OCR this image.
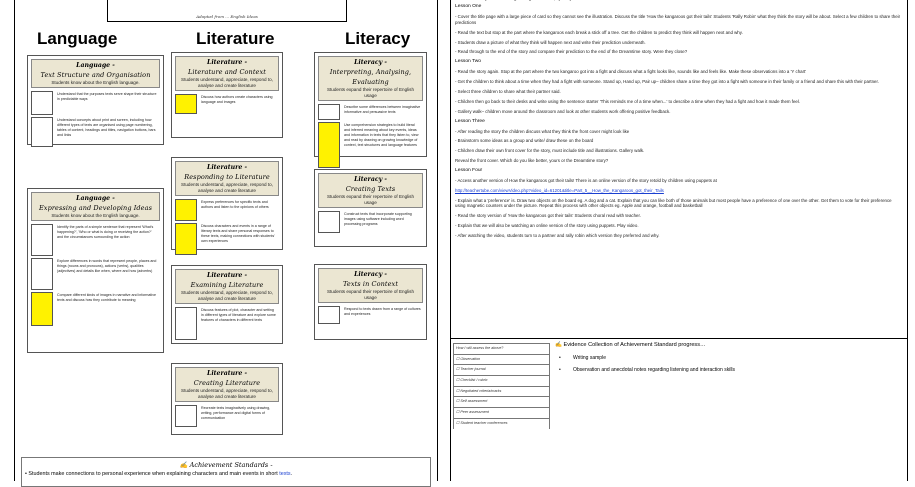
Adapted from ... English Ideas
Language	Literature	Literacy
Language -
Text Structure and Organisation
Students know about the English language.
Understand that the purposes texts serve shape their structure in predictable ways
Understand concepts about print and screen, including how different types of texts are organised using page numbering, tables of content, headings and titles, navigation buttons, bars and links
Language -
Expressing and Developing Ideas
Students know about the English language.
Identify the parts of a simple sentence that represent 'What's happening?', 'Who or what is doing or receiving the action?' and the circumstances surrounding the action
Explore differences in words that represent people, places and things (nouns and pronouns), actions (verbs), qualities (adjectives) and details like when, where and how (adverbs)
Compare different kinds of images in narrative and informative texts and discuss how they contribute to meaning
Literature -
Literature and Context
Students understand, appreciate, respond to, analyse and create literature
Discuss how authors create characters using language and images
Literature -
Responding to Literature
Students understand, appreciate, respond to, analyse and create literature
Express preferences for specific texts and authors and listen to the opinions of others
Discuss characters and events in a range of literary texts and share personal responses to these texts, making connections with students' own experiences
Literature -
Examining Literature
Students understand, appreciate, respond to, analyse and create literature
Discuss features of plot, character and setting in different types of literature and explore some features of characters in different texts
Literature -
Creating Literature
Students understand, appreciate, respond to, analyse and create literature
Recreate texts imaginatively using drawing, writing, performance and digital forms of communication
Literacy -
Interpreting, Analysing, Evaluating
Students expand their repertoire of English usage
Describe some differences between imaginative informative and persuasive texts
Use comprehension strategies to build literal and inferred meaning about key events, ideas and information in texts that they listen to, view and read by drawing on growing knowledge of context, text structures and language features
Literacy -
Creating Texts
Students expand their repertoire of English usage
Construct texts that incorporate supporting images using software including word processing programs
Literacy -
Texts in Context
Students expand their repertoire of English usage
Respond to texts drawn from a range of cultures and experiences
✍ Achievement Standards -
• Students make connections to personal experience when explaining characters and main events in short texts.
Lesson One
- Cover the title page with a large piece of card so they cannot see the illustration. Discuss the title 'How the kangaroos got their tails' Students 'Rally Robin' what they think the story will be about. Select a few children to share their predictions
- Read the text but stop at the part where the kangaroos each break a stick off a tree. Get the children to predict they think will happen next and why.
- Students draw a picture of what they think will happen next and write their prediction underneath.
- Read through to the end of the story and compare their prediction to the end of the Dreamtime story. Were they close?
Lesson Two
- Read the story again. Stop at the part where the two kangaroo got into a fight and discuss what a fight looks like, sounds like and feels like. Make these observations into a 'Y chart'
- Get the children to think about a time when they had a fight with someone. Stand up, Hand up, Pair up– children share a time they got into a fight with someone in their family or a friend and share this with their partner.
- Select three children to share what their partner said.
- Children then go back to their desks and write using the sentence starter 'This reminds me of a time when...' to describe a time when they had a fight and how it made them feel.
- Gallery walk– children move around the classroom and look at other students work offering positive feedback.
Lesson Three
- After reading the story the children discuss what they think the front cover might look like
- Brainstorm some ideas as a group and write/ draw these on the board
- Children draw their own front cover for the story, must include title and illustrations. Gallery walk.
Reveal the front cover. Which do you like better, yours or the Dreamtime story?
Lesson Four
- Access another version of How the kangaroos got their tails! There is an online version of the story retold by children using puppets at
http://teachertube.com/viewVideo.php?video_id=61201&title=Part_5__How_the_Kangaroos_got_their_Tails
- Explain what a 'preference' is. Draw two objects on the board eg. A dog and a cat. Explain that you can like both of those animals but most people have a preference of one over the other. Get them to vote for their preference using magnetic counters under the picture. Repeat this process with other objects eg. Apple and orange, football and basketball
- Read the story version of 'How the kangaroos got their tails' Students choral read with teacher.
- Explain that we will also be watching an online version of the story using puppets. Play video.
- After watching the video, students turn to a partner and rally robin which version they preferred and why.
How I will assess the above?
☐ Observation
☐ Teacher journal
☐ Checklist / rubric
☐ Negotiated criteria/marks
☐ Self assessment
☐ Peer assessment
☐ Student teacher conferences
✍ Evidence Collection of Achievement Standard progress…
• Writing sample
• Observation and anecdotal notes regarding listening and interaction skills
